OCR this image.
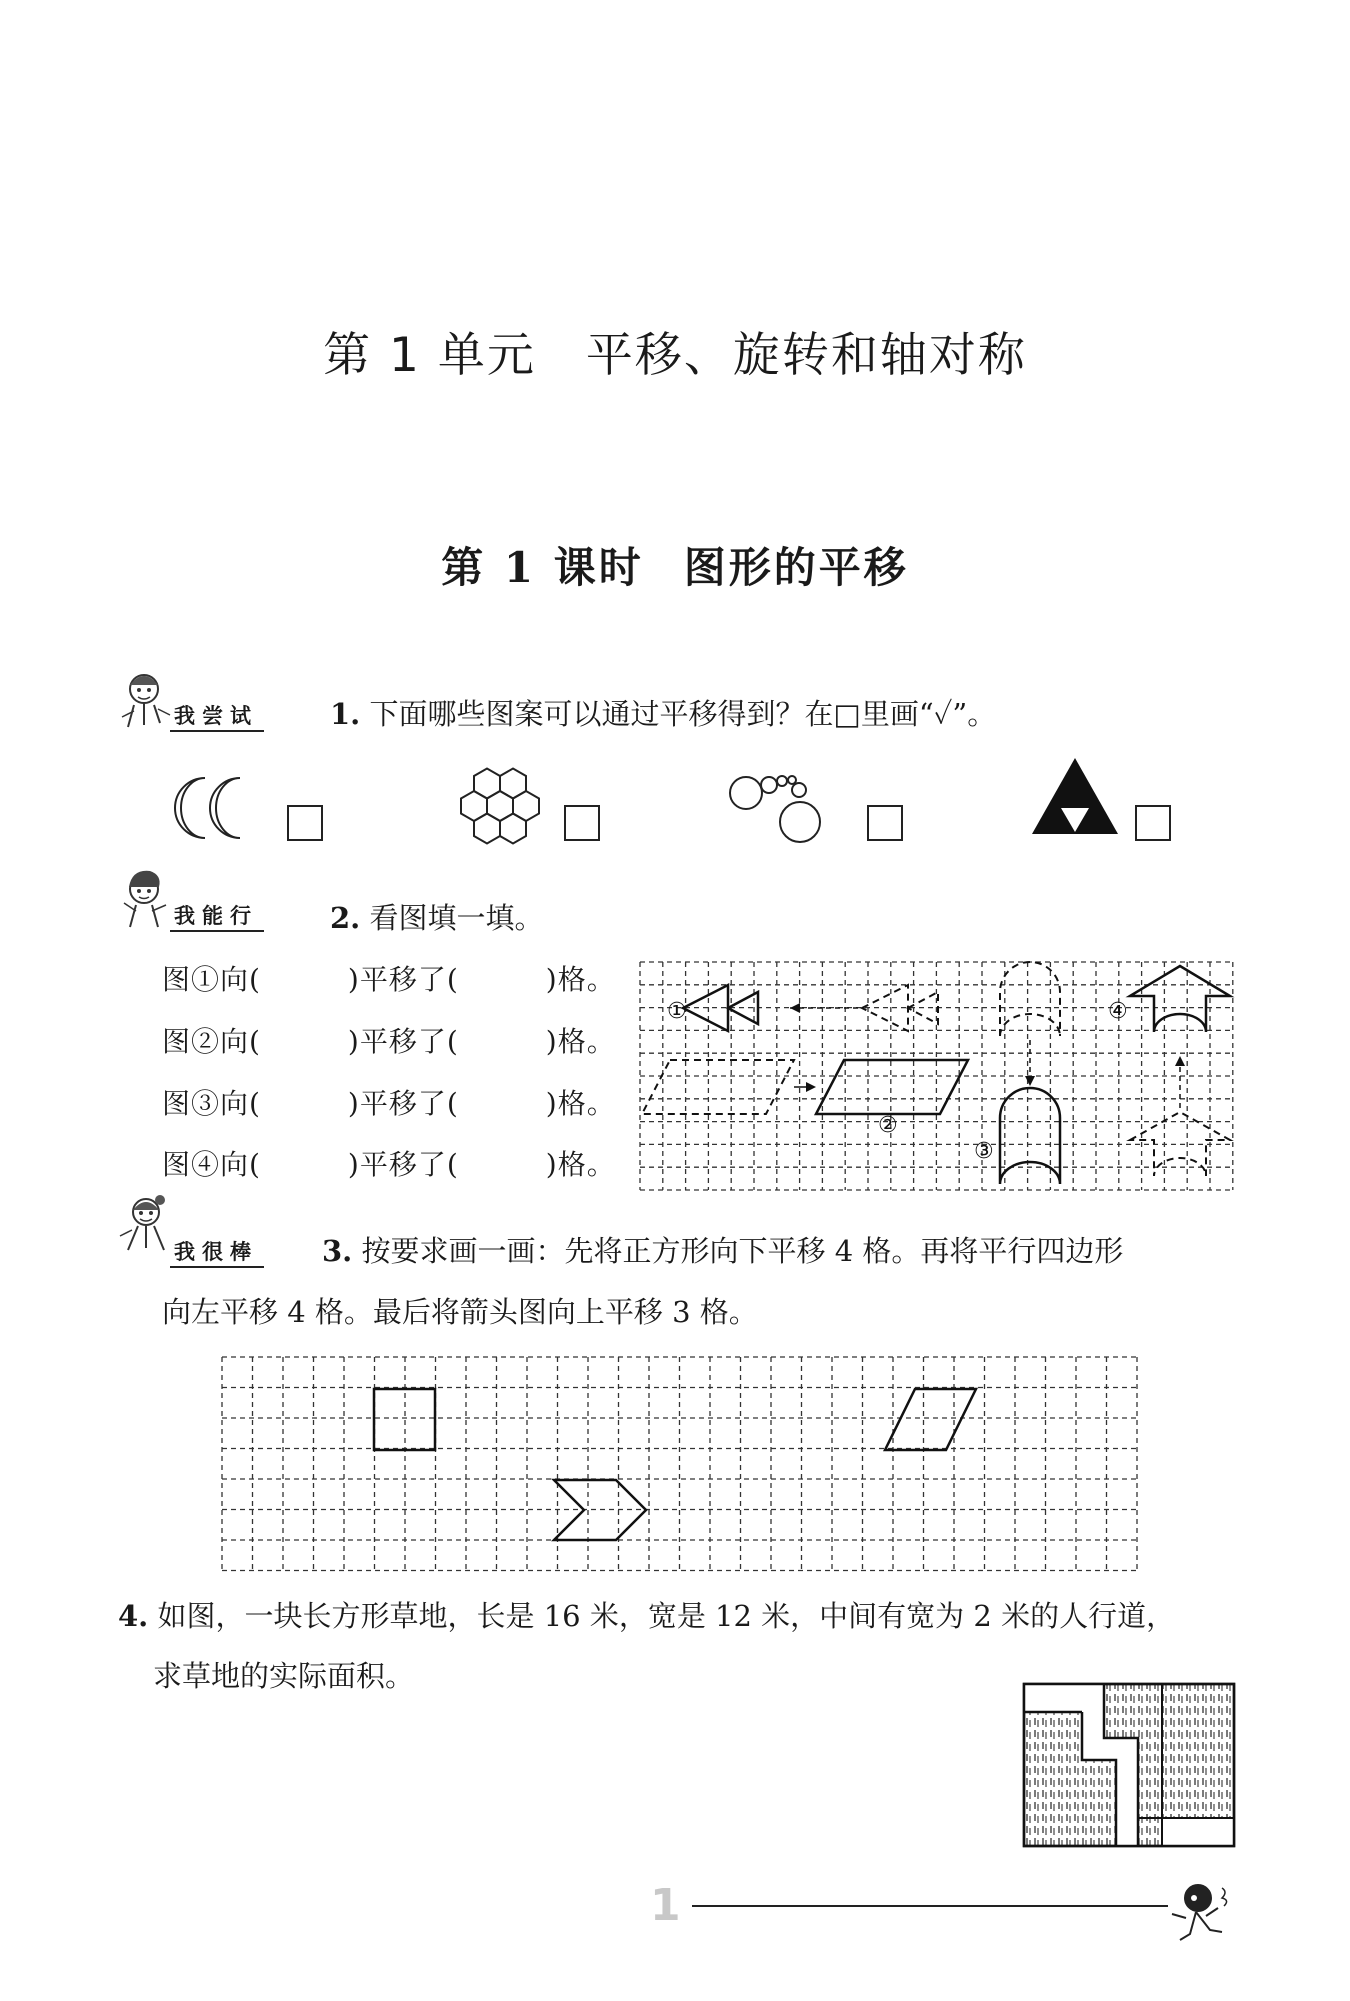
第 1 单元 平移、旋转和轴对称
第 1 课时 图形的平移
我尝试 1. 下面哪些图案可以通过平移得到？在□里画“✓”。
①
②
③
④
我能行 2. 看图填一填。
图①向(　　　)平移了(　　　)格。
图②向(　　　)平移了(　　　)格。
图③向(　　　)平移了(　　　)格。
图④向(　　　)平移了(　　　)格。
我很棒 3. 按要求画一画：先将正方形向下平移 4 格。再将平行四边形
向左平移 4 格。最后将箭头图向上平移 3 格。
4. 如图，一块长方形草地，长是 16 米，宽是 12 米，中间有宽为 2 米的人行道，
求草地的实际面积。
1
